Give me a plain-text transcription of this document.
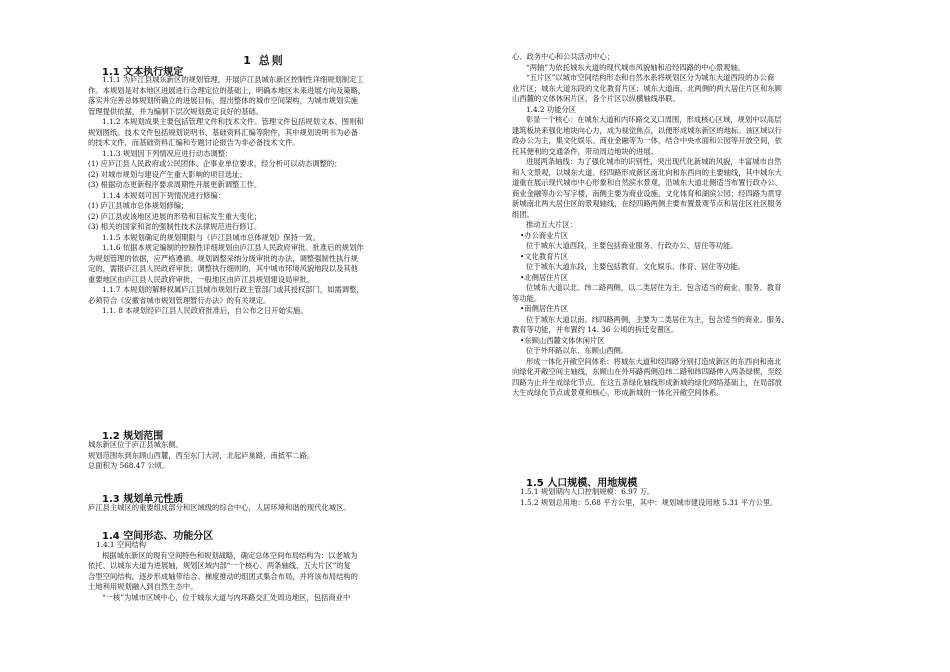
1 总则
1.1 文本执行规定

1.1.1 为庐江县城东新区的规划管理，开展庐江县城东新区控制性详细规划制定工

作。本规划是对本地区进展进行合理定位的基础上，明确本地区未来进展方向及策略，

落实并完善总体规划所确立的进展目标，提出整体的城市空间架构，为城市规划实施

管理提供依据，并为编制下层次规划奠定良好的基础。

1.1.2 本规划成果主要包括管理文件和技术文件。管理文件包括规划文本、图则和

规划图纸。技术文件包括规划说明书、基础资料汇编等附件，其中规划说明书为必备

的技术文件，而基础资料汇编和专题讨论报告为非必备技术文件。

1.1.3 规划因下列情况应进行动态调整：

(1) 应庐江县人民政府或公民团体、企事业单位要求，经分析可以动态调整的；

(2) 对城市规划与建设产生重大影响的项目选址；

(3) 根据动态更新程序要求周期性开展更新调整工作。

1.1.4 本规划可因下列情况进行修编：

(1) 庐江县城市总体规划修编；

(2) 庐江县或该地区进展的形势和目标发生重大变化；

(3) 相关的国家和省的强制性技术法律规范进行修订。

1.1.5 本规划确定的规划期限与《庐江县城市总体规划》保持一致。

1.1.6 依据本规定编制的控制性详细规划由庐江县人民政府审批。批准后的规划作

为规划管理的依据，应严格遵循。规划调整采纳分级审批的办法，调整强制性执行规

定的，需报庐江县人民政府审批；调整执行细则的，其中城市环境风貌地段以及其他

重要地区由庐江县人民政府审批，一般地区由庐江县规划建设局审批。

1.1.7 本规划的解释权属庐江县城市规划行政主管部门或其授权部门，如需调整，

必须符合《安徽省城市规划管理暂行办法》的有关规定。

1.1. 8 本规划经庐江县人民政府批准后，自公布之日开始实施。

1.2 规划范围

城东新区位于庐江县城东侧。

规划范围东到东顾山西麓，西至东门大河，北起庐巢路，南抵军二路。

总面积为 568.47 公顷。

1.3 规划单元性质

庐江县主城区的重要组成部分和区域级的综合中心，人居环境和谐的现代化城区。

1.4 空间形态、功能分区

1.4.1 空间结构

根据城东新区的现有空间特色和规划战略，确定总体空间布局结构为：以老城为

依托、以城东大道为进展轴，规划区域内部“一个核心、两条轴线、五大片区”的复

合型空间结构。逐步形成轴带结合、梯度推动的组团式集合布局，并将该布局结构的

土地利用规划融入到自然生态中。

“一核”为城市区域中心，位于城东大道与内环路交汇处周边地区，包括商业中

心、政务中心和公共活动中心；

“两轴”为依托城东大道的现代城市风貌轴和沿经四路的中心景观轴。

“五片区”以城市空间结构形态和自然水系将规划区分为城东大道西段的办公商

业片区；城东大道东段的文化教育片区；城东大道南、北两侧的两大居住片区和东顾

山西麓的文体休闲片区，各个片区以纵横轴线串联。

1.4.2 功能分区

彰显一个核心：在城东大道和内环路交叉口周围，形成核心区域，规划中以高层

建筑板块来强化地块向心力，成为视觉焦点，以便形成城东新区的地标。该区域以行

政办公为主，集文化娱乐、商业金融等为一体，结合中央水面和公园等开放空间，依

托其便利的交通条件，带动周边地块的进展。

进展两条轴线：为了强化城市的识别性，突出现代化新城的风貌，丰富城市自然

和人文景观，以城东大道、经四路形成新区南北向和东西向的主要轴线，其中城东大

道重在展示现代城市中心形象和自然滨水景观，沿城东大道北侧适当布置行政办公、

商业金融等办公写字楼，南侧主要为商业设施、文化体育和湖滨公园；经四路为贯穿

新城南北两大居住区的景观轴线，在经四路两侧主要布置景观节点和居住区社区服务

组团。

推动五大片区：

•办公商业片区

位于城东大道西段，主要包括商业服务、行政办公、居住等功能。

•文化教育片区

位于城东大道东段，主要包括教育、文化娱乐、体育、居住等功能。

•北侧居住片区

位城东大道以北、纬二路两侧，以二类居住为主、包含适当的商业、服务、教育

等功能。

•南侧居住片区

位于城东大道以南、纬四路两侧，主要为二类居住为主，包含适当的商业、服务、

教育等功能，并布置约 14. 36 公顷的拆迁安置区。

•东顾山西麓文体休闲片区

位于外环路以东、东顾山西侧。

形成一体化开敞空间体系：将城东大道和经四路分别打造成新区的东西向和南北

向绿化开敞空间主轴线，东顾山在外环路两侧沿纬二路和纬四路伸入两条绿楔，至经

四路为止并生成绿化节点。在这五条绿化轴线形成新城的绿化网络基础上，在局部放

大生成绿化节点或景观和核心，形成新城的一体化开敞空间体系。

1.5 人口规模、用地规模

1.5.1 规划期内人口控制规模：6.97 万。

1.5.2 规划总用地：5.68 平方公里，其中：规划城市建设用地 5.31 平方公里。
